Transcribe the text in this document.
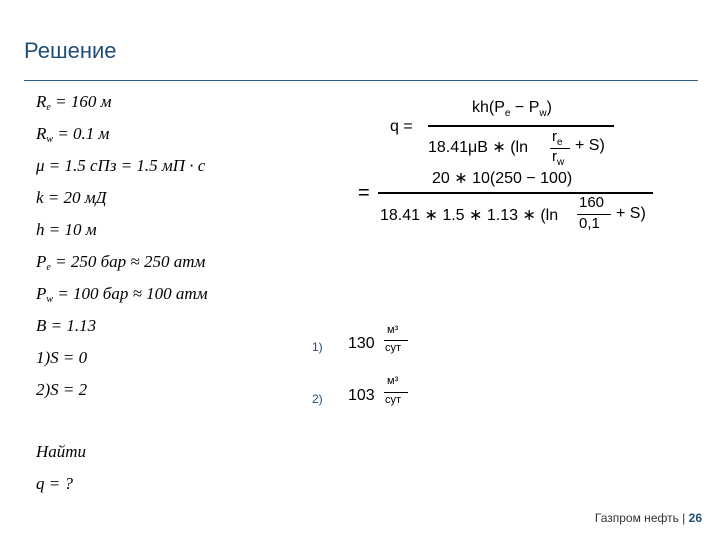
Решение
$R_e = 160$ м
$R_w = 0.1$ м
μ = 1.5 сПз = 1.5 мП · с
k = 20 мД
h = 10 м
$P_e = 250$ бар ≈ 250 атм
$P_w = 100$ бар ≈ 100 атм
B = 1.13
1)S = 0
2)S = 2
Найти
q = ?
q =
$kh(P_e - P_w)$
18.41μB ∗ (ln
$r_e$
$r_w$
+ S)
=
20 ∗ 10(250 − 100)
18.41 ∗ 1.5 ∗ 1.13 ∗ (ln
160
0,1
+ S)
1) 130
м³
сут
2) 103
м³
сут
Газпром нефть | 26
